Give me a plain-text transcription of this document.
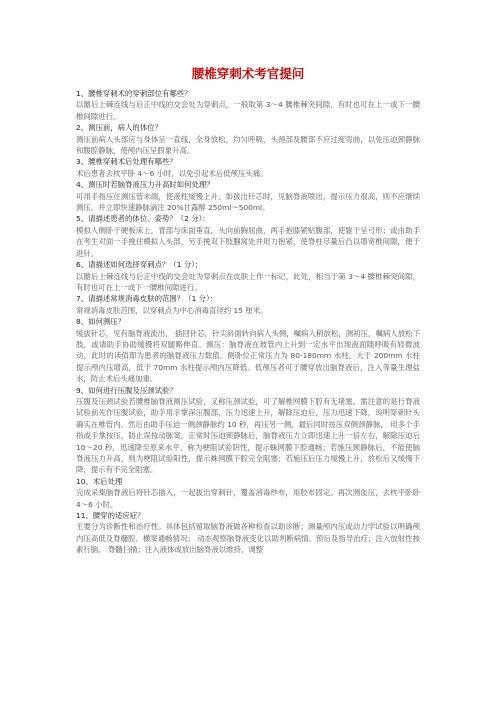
腰椎穿刺术考官提问

1、腰椎穿刺术的穿刺部位有哪些？

以髂后上棘连线与后正中线的交会处为穿刺点，一般取第 3～4 腰椎棘突间隙，有时也可在上一或下一腰椎间隙进行。

2、测压前，病人的体位？

测压前病人头部应与身体呈一直线，全身放松，均匀呼吸，头颈部及腰部不应过度弯曲，以免压迫颈静脉和腹腔静脉，使颅内压呈假象升高。

3、腰椎穿刺术后处理有哪些？

术后患者去枕平卧 4～6 小时，以免引起术后低颅压头痛。

4、测压时若脑脊液压力升高时如何处理？

可用手指压住测压管末端，使液柱缓慢上升。如拔出针芯时，见脑脊液喷出，提示压力很高，则不应继续测压。并立即快速静脉滴注 20%甘露醇 250ml～500ml。

5、请描述患者的体位、姿势？（2 分）：

模拟人侧卧于硬板床上，背部与床面垂直，头向前胸屈曲，两手抱膝紧贴腹部，使躯干呈弓形；或由助手在考生对面一手挽住模拟人头部，另手挽双下肢腘窝处并用力抱紧，使脊柱尽量后凸以增宽椎间隙，便于进针。

6、请描述如何选择穿刺点？（1 分）；

以髂后上棘连线与后正中线的交会处为穿刺点在皮肤上作一标记，此处，相当于第 3～4 腰椎棘突间隙，有时也可在上一或下一腰椎间隙进行。

7、请描述常规消毒皮肤的范围？（1 分）：

常规消毒皮肤范围，以穿刺点为中心消毒直径约 15 厘米。

8、如何测压？

缓拔针芯，见有脑脊液流出， 插回针芯，针尖斜面转向病人头侧，嘱病人稍放松，测初压，嘱病人放松下肢，或请助手协助缓慢将双腿略伸直。测压：脑脊液在玻管内上升到一定水平出现液面随呼吸有轻微波动，此时的读值即为患者的脑脊液压力数值。侧卧位正常压力为 80-180mm 水柱，大于 200mm 水柱提示颅内压增高，低于 70mm 水柱提示颅内压降低。低颅压者可于腰穿放出脑脊液后，注入等量生理盐水，防止术后头痛加重。

9、如何进行压腹及压颈试验？

压腹及压颈试验若腰椎脑脊液测压试验，又称压颈试验，可了解椎网膜下腔有无堵塞。需注意的是行脊液试验前先作压腹试验，助手用手掌深压腹部，压力迅速上升，解除压迫后，压力迅速下降，说明穿刺针头确实在椎管内。然后由助手压迫一侧颈静脉约 10 秒，再压另一侧，最后同时按压双侧颈静脉， 用多个手指或手掌按压，防止误按动脉窦。正常时压迫颈静脉后，脑脊液压力立即迅速上升一倍左右，解除压迫后 10～20 秒，迅速降至原来水平，称为梗阻试验阴性，提示蛛网膜下腔通畅；若施压颈静脉后，不能使脑脊液压力升高，则为梗阻试验阳性，提示蛛网膜下腔完全阻塞；若施压后压力缓慢上升，放松后又缓慢下降，提示有不完全阻塞。

10、术后处理

完成采集脑脊液后将针芯插入，一起拔出穿刺针，覆盖消毒纱布，用胶布固定。再次测血压，去枕平卧卧 4～6 小时。

11、腰穿的适应症？

主要分为诊断性和治疗性。具体包括留取脑脊液做各种检查以助诊断；测量颅内压或动力学试验以明确颅内压高低及脊髓腔、横窦通畅情况； 动态观察脑脊液变化以助判断病情、预后及指导治疗；注入放射性核素行脑、 脊髓扫描；注入液体或放出脑脊液以维持、调整
